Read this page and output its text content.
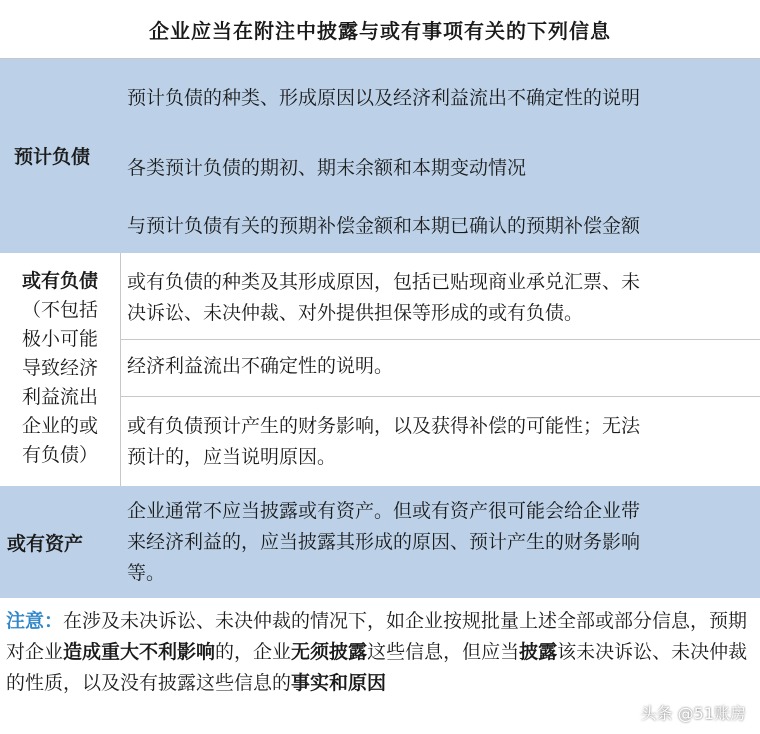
企业应当在附注中披露与或有事项有关的下列信息
预计负债
预计负债的种类、形成原因以及经济利益流出不确定性的说明
各类预计负债的期初、期末余额和本期变动情况
与预计负债有关的预期补偿金额和本期已确认的预期补偿金额
或有负债
（不包括
极小可能
导致经济
利益流出
企业的或
有负债）
或有负债的种类及其形成原因，包括已贴现商业承兑汇票、未
决诉讼、未决仲裁、对外提供担保等形成的或有负债。
经济利益流出不确定性的说明。
或有负债预计产生的财务影响，以及获得补偿的可能性；无法
预计的，应当说明原因。
或有资产
企业通常不应当披露或有资产。但或有资产很可能会给企业带
来经济利益的，应当披露其形成的原因、预计产生的财务影响
等。
注意：在涉及未决诉讼、未决仲裁的情况下，如企业按规批量上述全部或部分信息，预期对企业造成重大不利影响的，企业无须披露这些信息，但应当披露该未决诉讼、未决仲裁的性质，以及没有披露这些信息的事实和原因
头条 @51账房
